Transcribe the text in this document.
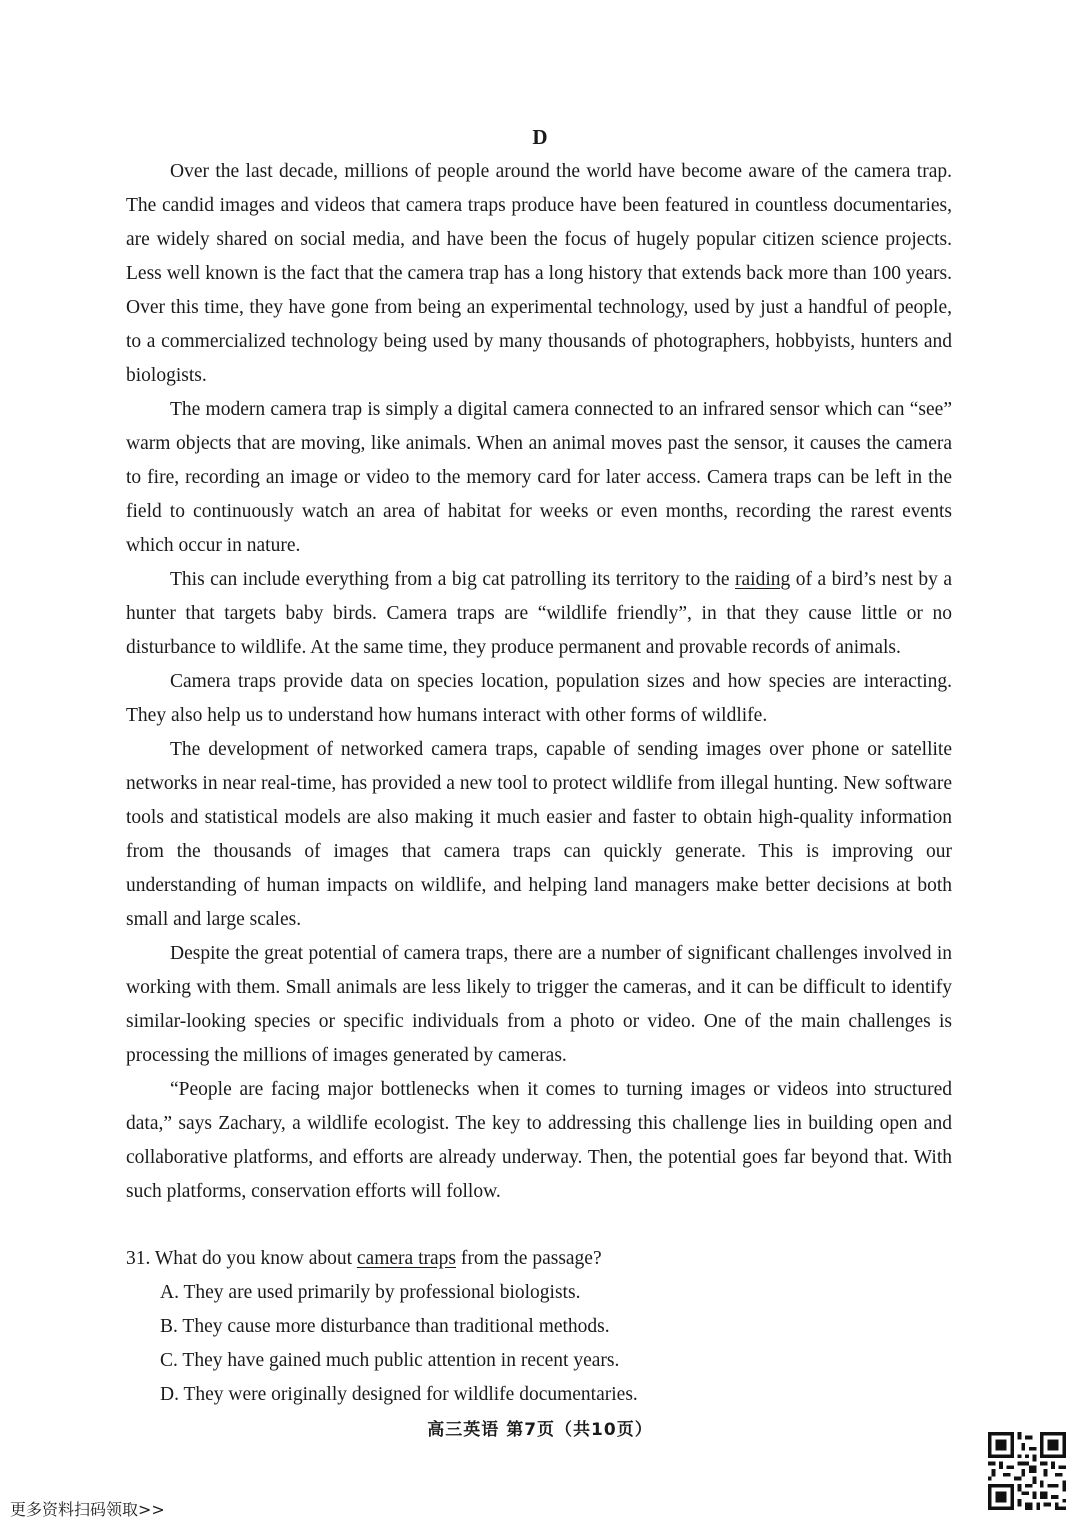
D

Over the last decade, millions of people around the world have become aware of the camera trap. The candid images and videos that camera traps produce have been featured in countless documentaries, are widely shared on social media, and have been the focus of hugely popular citizen science projects. Less well known is the fact that the camera trap has a long history that extends back more than 100 years. Over this time, they have gone from being an experimental technology, used by just a handful of people, to a commercialized technology being used by many thousands of photographers, hobbyists, hunters and biologists.

The modern camera trap is simply a digital camera connected to an infrared sensor which can “see” warm objects that are moving, like animals. When an animal moves past the sensor, it causes the camera to fire, recording an image or video to the memory card for later access. Camera traps can be left in the field to continuously watch an area of habitat for weeks or even months, recording the rarest events which occur in nature.

This can include everything from a big cat patrolling its territory to the raiding of a bird’s nest by a hunter that targets baby birds. Camera traps are “wildlife friendly”, in that they cause little or no disturbance to wildlife. At the same time, they produce permanent and provable records of animals.

Camera traps provide data on species location, population sizes and how species are interacting. They also help us to understand how humans interact with other forms of wildlife.

The development of networked camera traps, capable of sending images over phone or satellite networks in near real-time, has provided a new tool to protect wildlife from illegal hunting. New software tools and statistical models are also making it much easier and faster to obtain high-quality information from the thousands of images that camera traps can quickly generate. This is improving our understanding of human impacts on wildlife, and helping land managers make better decisions at both small and large scales.

Despite the great potential of camera traps, there are a number of significant challenges involved in working with them. Small animals are less likely to trigger the cameras, and it can be difficult to identify similar-looking species or specific individuals from a photo or video. One of the main challenges is processing the millions of images generated by cameras.

“People are facing major bottlenecks when it comes to turning images or videos into structured data,” says Zachary, a wildlife ecologist. The key to addressing this challenge lies in building open and collaborative platforms, and efforts are already underway. Then, the potential goes far beyond that. With such platforms, conservation efforts will follow.

31. What do you know about camera traps from the passage?

A. They are used primarily by professional biologists.

B. They cause more disturbance than traditional methods.

C. They have gained much public attention in recent years.

D. They were originally designed for wildlife documentaries.

高三英语 第7页（共10页）
更多资料扫码领取>>
